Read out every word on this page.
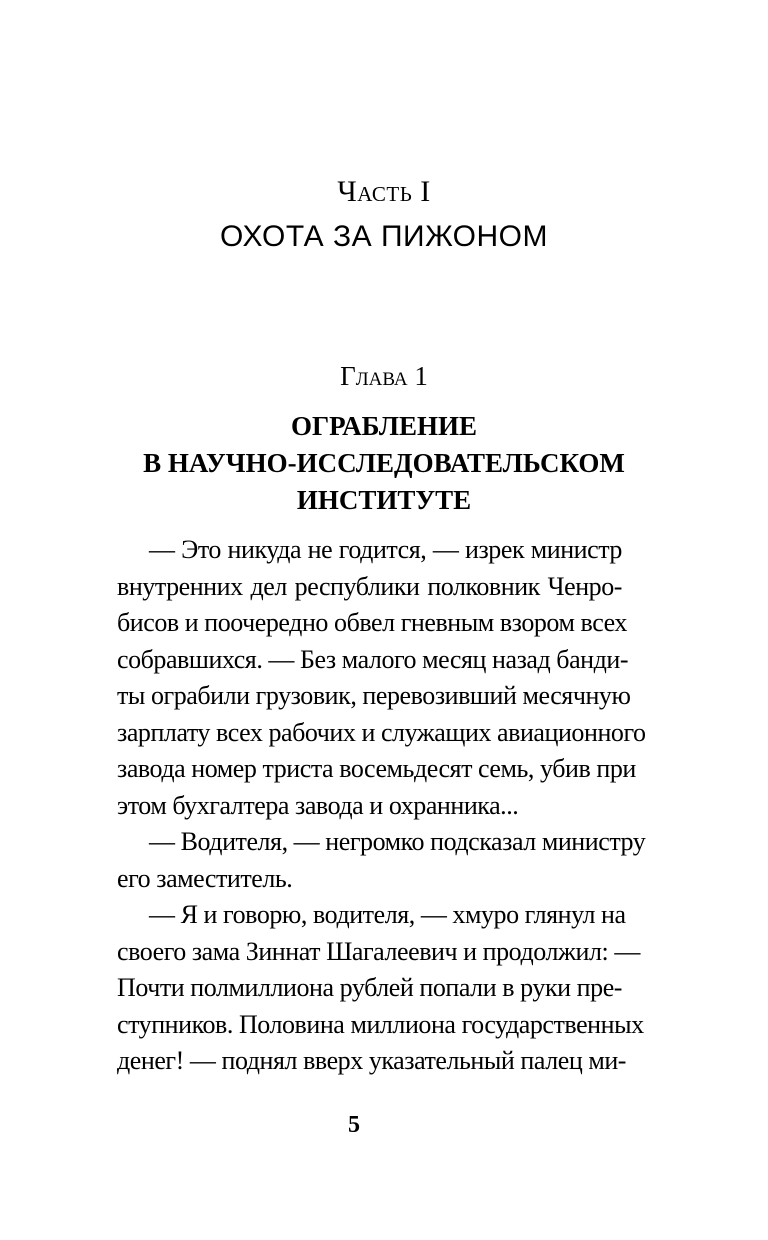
Часть I
ОХОТА ЗА ПИЖОНОМ
Глава 1
ОГРАБЛЕНИЕ
В НАУЧНО-ИССЛЕДОВАТЕЛЬСКОМ
ИНСТИТУТЕ
— Это никуда не годится, — изрек министр
внутренних дел республики полковник Ченро-
бисов и поочередно обвел гневным взором всех
собравшихся. — Без малого месяц назад банди-
ты ограбили грузовик, перевозивший месячную
зарплату всех рабочих и служащих авиационного
завода номер триста восемьдесят семь, убив при
этом бухгалтера завода и охранника...
— Водителя, — негромко подсказал министру
его заместитель.
— Я и говорю, водителя, — хмуро глянул на
своего зама Зиннат Шагалеевич и продолжил: —
Почти полмиллиона рублей попали в руки пре-
ступников. Половина миллиона государственных
денег! — поднял вверх указательный палец ми-
5
